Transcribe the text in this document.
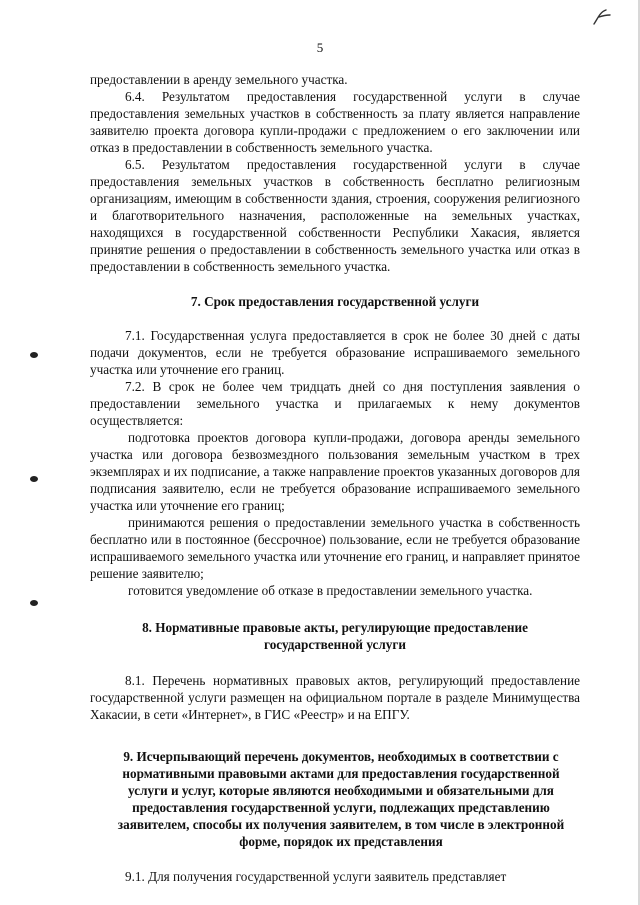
5

предоставлении в аренду земельного участка.

6.4. Результатом предоставления государственной услуги в случае предоставления земельных участков в собственность за плату является направление заявителю проекта договора купли-продажи с предложением о его заключении или отказ в предоставлении в собственность земельного участка.

6.5. Результатом предоставления государственной услуги в случае предоставления земельных участков в собственность бесплатно религиозным организациям, имеющим в собственности здания, строения, сооружения религиозного и благотворительного назначения, расположенные на земельных участках, находящихся в государственной собственности Республики Хакасия, является принятие решения о предоставлении в собственность земельного участка или отказ в предоставлении в собственность земельного участка.

7. Срок предоставления государственной услуги

7.1. Государственная услуга предоставляется в срок не более 30 дней с даты подачи документов, если не требуется образование испрашиваемого земельного участка или уточнение его границ.

7.2. В срок не более чем тридцать дней со дня поступления заявления о предоставлении земельного участка и прилагаемых к нему документов осуществляется:

подготовка проектов договора купли-продажи, договора аренды земельного участка или договора безвозмездного пользования земельным участком в трех экземплярах и их подписание, а также направление проектов указанных договоров для подписания заявителю, если не требуется образование испрашиваемого земельного участка или уточнение его границ;

принимаются решения о предоставлении земельного участка в собственность бесплатно или в постоянное (бессрочное) пользование, если не требуется образование испрашиваемого земельного участка или уточнение его границ, и направляет принятое решение заявителю;

готовится уведомление об отказе в предоставлении земельного участка.

8. Нормативные правовые акты, регулирующие предоставление
государственной услуги

8.1. Перечень нормативных правовых актов, регулирующий предоставление государственной услуги размещен на официальном портале в разделе Минимущества Хакасии, в сети «Интернет», в ГИС «Реестр» и на ЕПГУ.

9. Исчерпывающий перечень документов, необходимых в соответствии с нормативными правовыми актами для предоставления государственной услуги и услуг, которые являются необходимыми и обязательными для предоставления государственной услуги, подлежащих представлению заявителем, способы их получения заявителем, в том числе в электронной форме, порядок их представления

9.1. Для получения государственной услуги заявитель представляет
